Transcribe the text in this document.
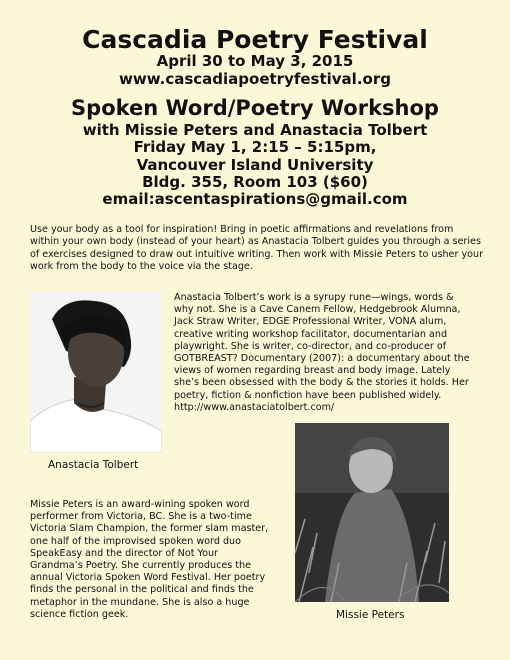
Cascadia Poetry Festival
April 30 to May 3, 2015
www.cascadiapoetryfestival.org
Spoken Word/Poetry Workshop
with Missie Peters and Anastacia Tolbert
Friday May 1, 2:15 – 5:15pm,
Vancouver Island University
Bldg. 355, Room 103 ($60)
email:ascentaspirations@gmail.com
Use your body as a tool for inspiration! Bring in poetic affirmations and revelations from within your own body (instead of your heart) as Anastacia Tolbert guides you through a series of exercises designed to draw out intuitive writing. Then work with Missie Peters to usher your work from the body to the voice via the stage.
Anastacia Tolbert’s work is a syrupy rune—wings, words & why not. She is a Cave Canem Fellow, Hedgebrook Alumna, Jack Straw Writer, EDGE Professional Writer, VONA alum, creative writing workshop facilitator, documentarian and playwright. She is writer, co-director, and co-producer of GOTBREAST? Documentary (2007): a documentary about the views of women regarding breast and body image. Lately she’s been obsessed with the body & the stories it holds. Her poetry, fiction & nonfiction have been published widely. http://www.anastaciatolbert.com/
Anastacia Tolbert
Missie Peters is an award-wining spoken word performer from Victoria, BC. She is a two-time Victoria Slam Champion, the former slam master, one half of the improvised spoken word duo SpeakEasy and the director of Not Your Grandma’s Poetry. She currently produces the annual Victoria Spoken Word Festival. Her poetry finds the personal in the political and finds the metaphor in the mundane. She is also a huge science fiction geek.	Missie Peters
